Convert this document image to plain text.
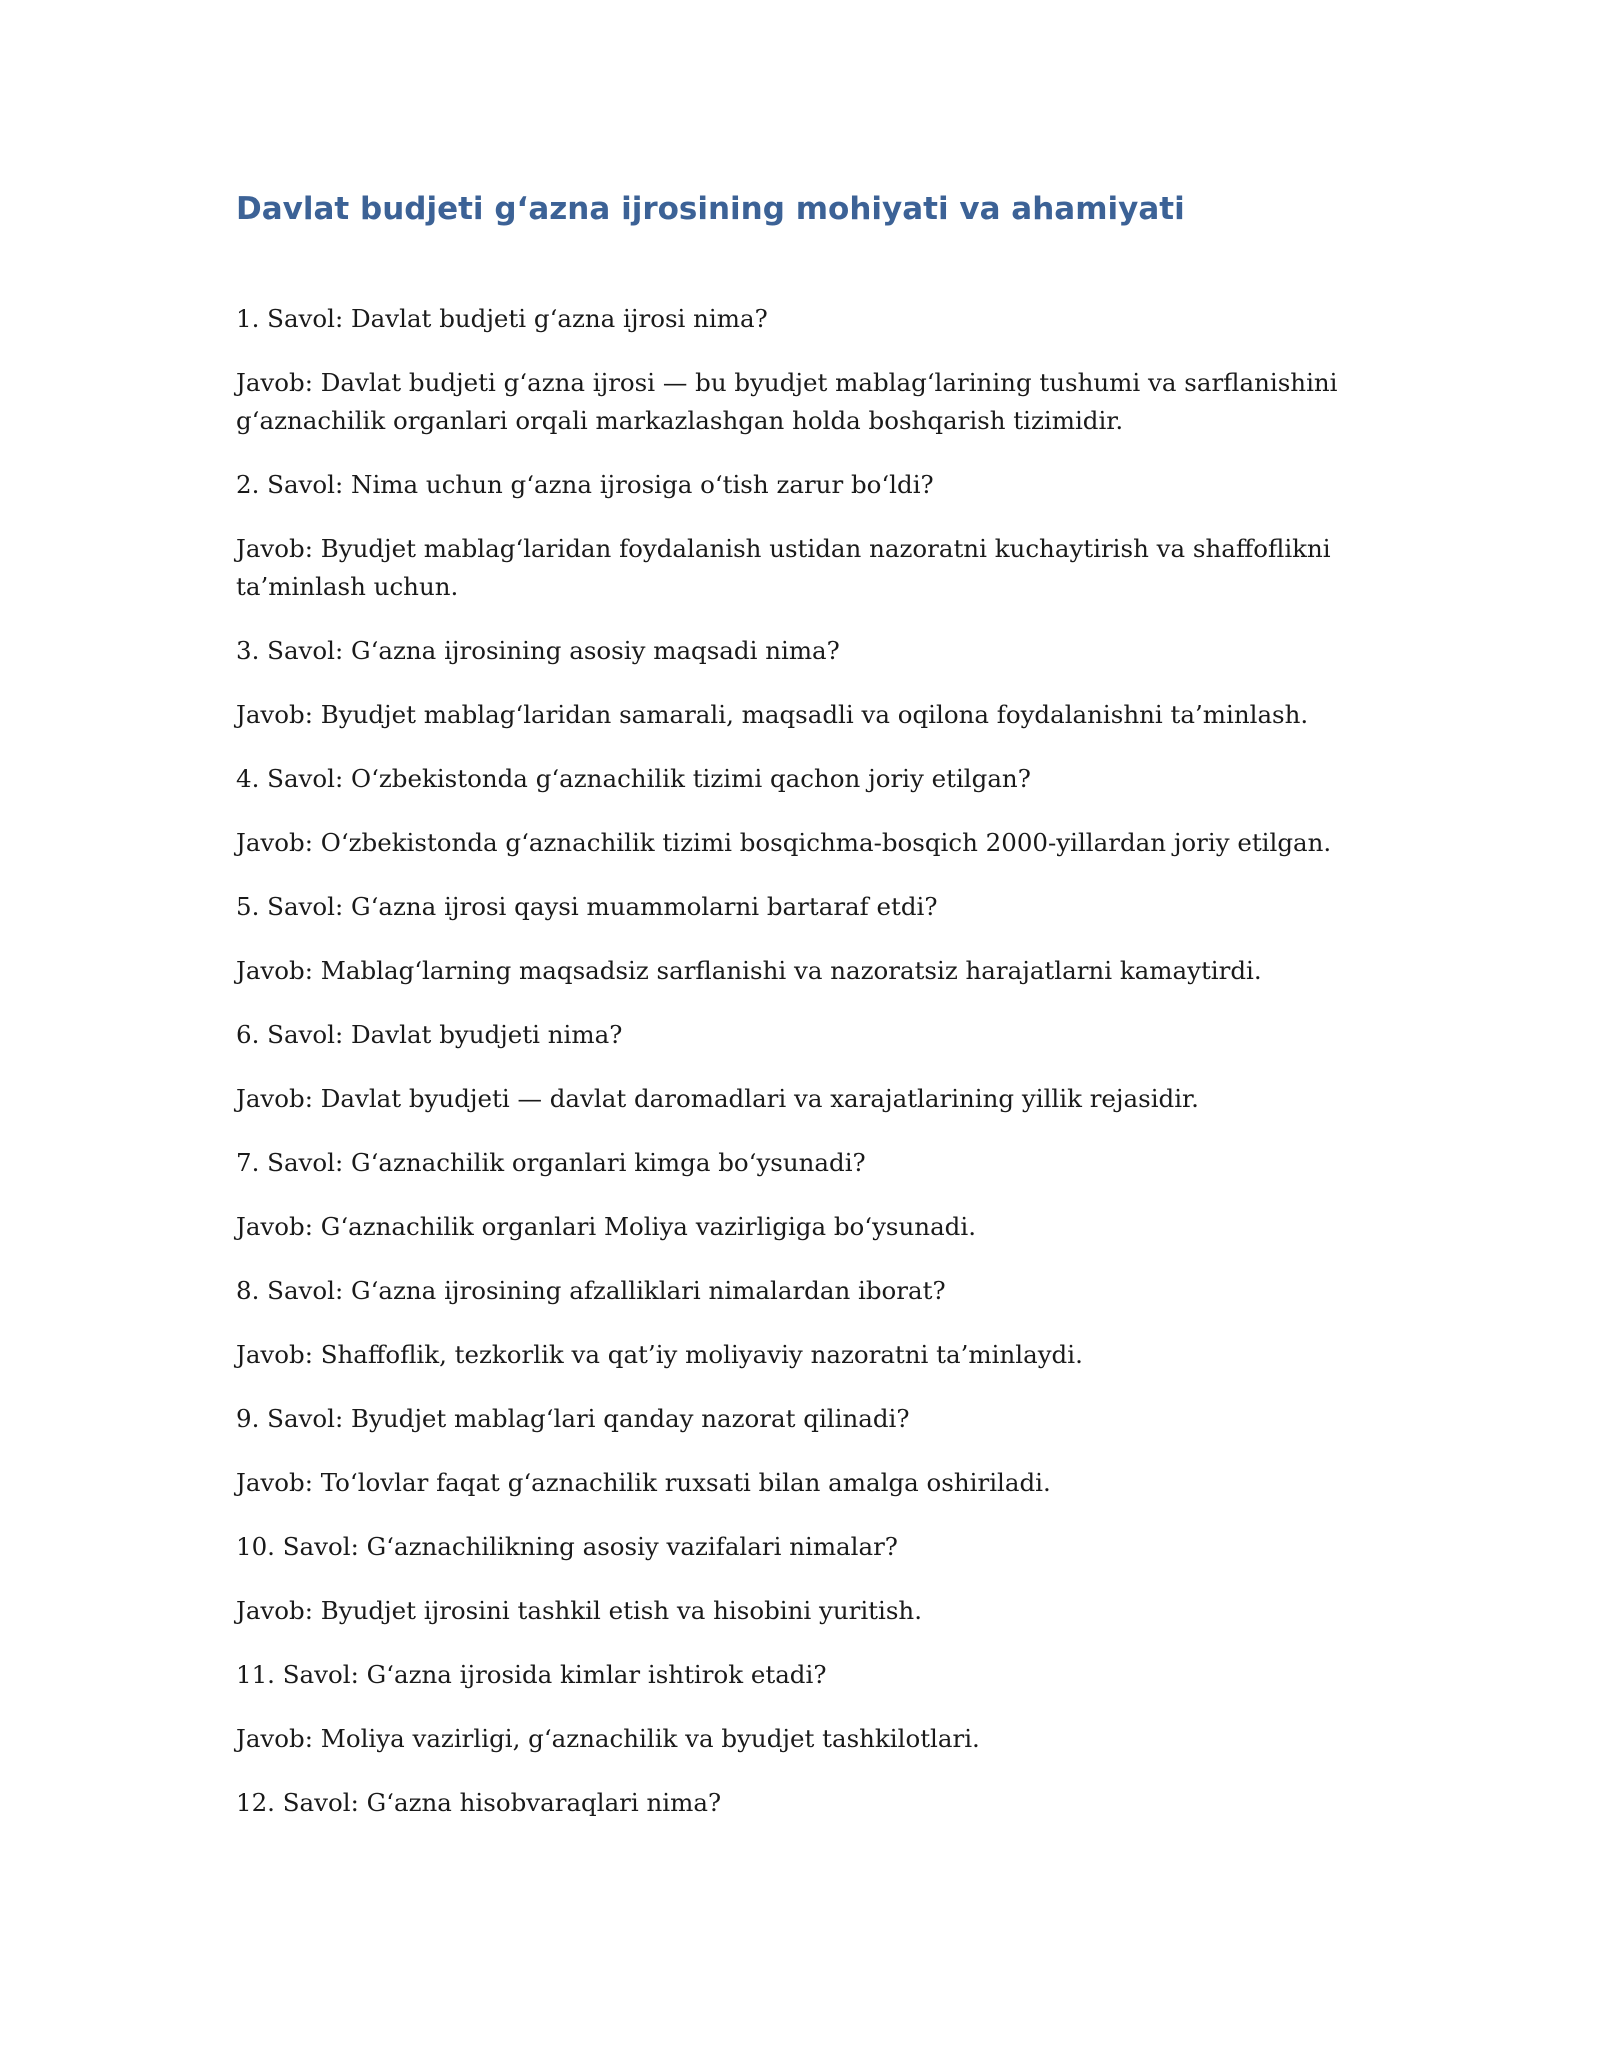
Davlat budjeti g‘azna ijrosining mohiyati va ahamiyati

1. Savol: Davlat budjeti g‘azna ijrosi nima?

Javob: Davlat budjeti g‘azna ijrosi — bu byudjet mablag‘larining tushumi va sarflanishini g‘aznachilik organlari orqali markazlashgan holda boshqarish tizimidir.

2. Savol: Nima uchun g‘azna ijrosiga o‘tish zarur bo‘ldi?

Javob: Byudjet mablag‘laridan foydalanish ustidan nazoratni kuchaytirish va shaffoflikni ta’minlash uchun.

3. Savol: G‘azna ijrosining asosiy maqsadi nima?

Javob: Byudjet mablag‘laridan samarali, maqsadli va oqilona foydalanishni ta’minlash.

4. Savol: O‘zbekistonda g‘aznachilik tizimi qachon joriy etilgan?

Javob: O‘zbekistonda g‘aznachilik tizimi bosqichma-bosqich 2000-yillardan joriy etilgan.

5. Savol: G‘azna ijrosi qaysi muammolarni bartaraf etdi?

Javob: Mablag‘larning maqsadsiz sarflanishi va nazoratsiz harajatlarni kamaytirdi.

6. Savol: Davlat byudjeti nima?

Javob: Davlat byudjeti — davlat daromadlari va xarajatlarining yillik rejasidir.

7. Savol: G‘aznachilik organlari kimga bo‘ysunadi?

Javob: G‘aznachilik organlari Moliya vazirligiga bo‘ysunadi.

8. Savol: G‘azna ijrosining afzalliklari nimalardan iborat?

Javob: Shaffoflik, tezkorlik va qat’iy moliyaviy nazoratni ta’minlaydi.

9. Savol: Byudjet mablag‘lari qanday nazorat qilinadi?

Javob: To‘lovlar faqat g‘aznachilik ruxsati bilan amalga oshiriladi.

10. Savol: G‘aznachilikning asosiy vazifalari nimalar?

Javob: Byudjet ijrosini tashkil etish va hisobini yuritish.

11. Savol: G‘azna ijrosida kimlar ishtirok etadi?

Javob: Moliya vazirligi, g‘aznachilik va byudjet tashkilotlari.

12. Savol: G‘azna hisobvaraqlari nima?
